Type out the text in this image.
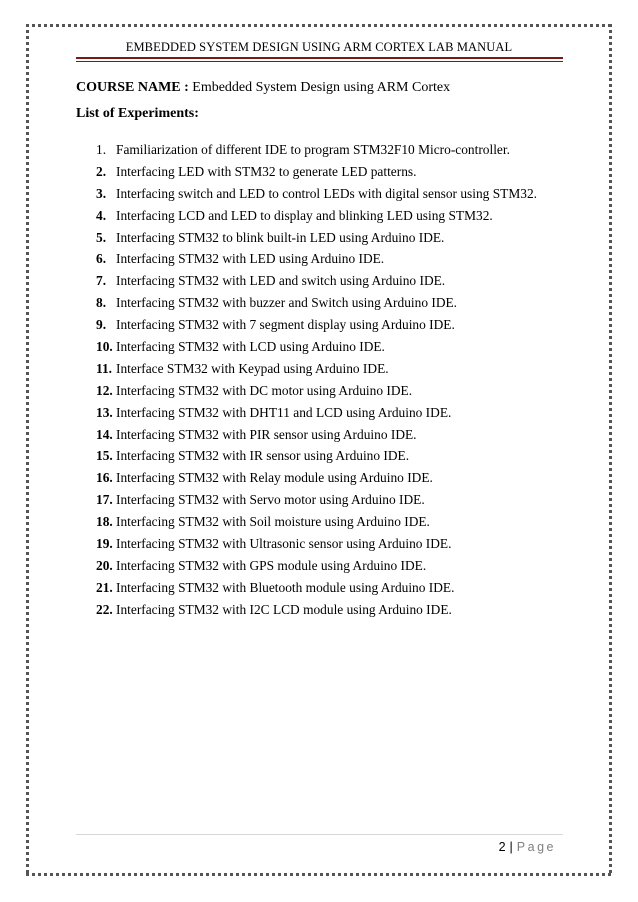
EMBEDDED SYSTEM DESIGN USING ARM CORTEX LAB MANUAL
COURSE NAME : Embedded System Design using ARM Cortex
List of Experiments:
1. Familiarization of different IDE to program STM32F10 Micro-controller.
2. Interfacing LED with STM32 to generate LED patterns.
3. Interfacing switch and LED to control LEDs with digital sensor using STM32.
4. Interfacing LCD and LED to display and blinking LED using STM32.
5. Interfacing STM32 to blink built-in LED using Arduino IDE.
6. Interfacing STM32 with LED using Arduino IDE.
7. Interfacing STM32 with LED and switch using Arduino IDE.
8. Interfacing STM32 with buzzer and Switch using Arduino IDE.
9. Interfacing STM32 with 7 segment display using Arduino IDE.
10. Interfacing STM32 with LCD using Arduino IDE.
11. Interface STM32 with Keypad using Arduino IDE.
12. Interfacing STM32 with DC motor using Arduino IDE.
13. Interfacing STM32 with DHT11 and LCD using Arduino IDE.
14. Interfacing STM32 with PIR sensor using Arduino IDE.
15. Interfacing STM32 with IR sensor using Arduino IDE.
16. Interfacing STM32 with Relay module using Arduino IDE.
17. Interfacing STM32 with Servo motor using Arduino IDE.
18. Interfacing STM32 with Soil moisture using Arduino IDE.
19. Interfacing STM32 with Ultrasonic sensor using Arduino IDE.
20. Interfacing STM32 with GPS module using Arduino IDE.
21. Interfacing STM32 with Bluetooth module using Arduino IDE.
22. Interfacing STM32 with I2C LCD module using Arduino IDE.
2 | Page
